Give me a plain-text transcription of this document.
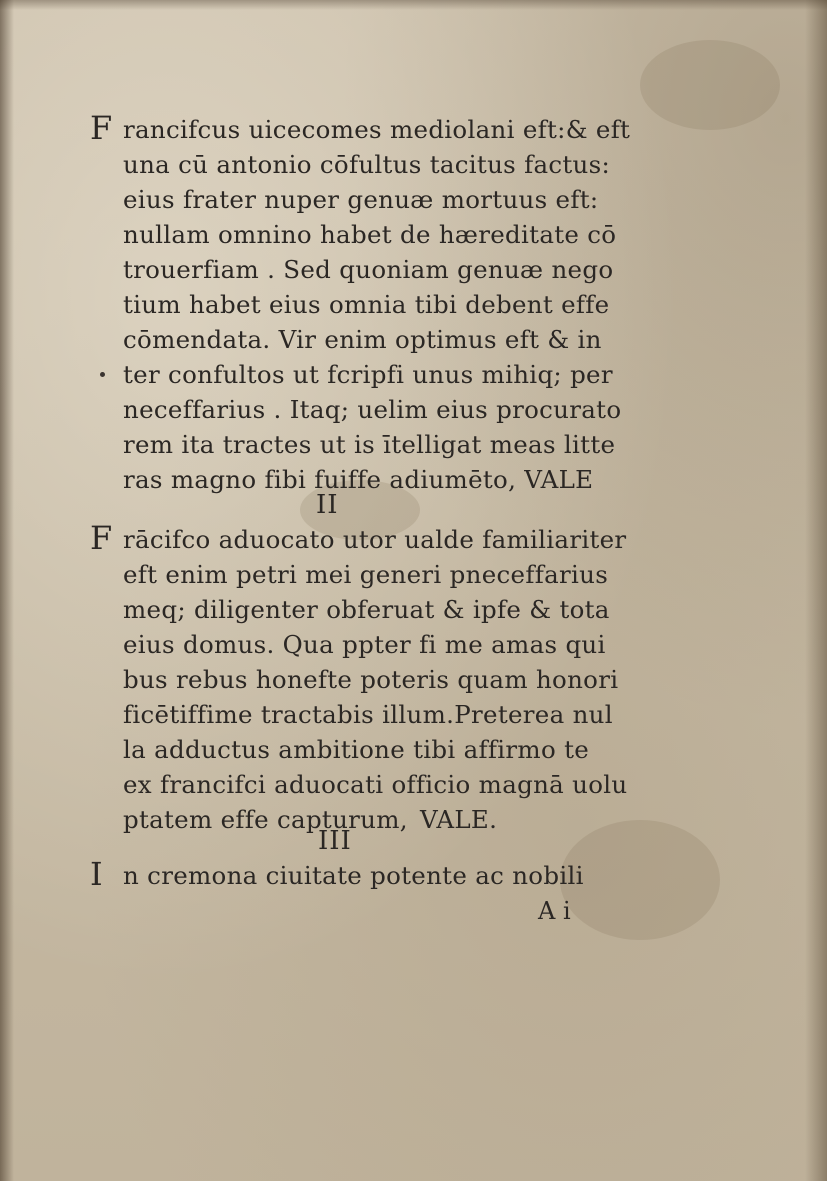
F rancifcus uicecomes mediolani eft:& eft
una cū antonio cōfultus tacitus factus:
eius frater nuper genuæ mortuus eft:
nullam omnino habet de hæreditate cō
trouerfiam . Sed quoniam genuæ nego
tium habet eius omnia tibi debent effe
cōmendata. Vir enim optimus eft & in
ter confultos ut fcripfi unus mihiq; per
neceffarius . Itaq; uelim eius procurato
rem ita tractes ut is ītelligat meas litte
ras magno fibi fuiffe adiumēto, VALE
II
F rācifco aduocato utor ualde familiariter
eft enim petri mei generi pneceffarius
meq; diligenter obferuat & ipfe & tota
eius domus. Qua ppter fi me amas qui
bus rebus honefte poteris quam honori
ficētiffime tractabis illum.Preterea nul
la adductus ambitione tibi affirmo te
ex francifci aduocati officio magnā uolu
ptatem effe capturum, VALE.
III
I n cremona ciuitate potente ac nobili
A i
